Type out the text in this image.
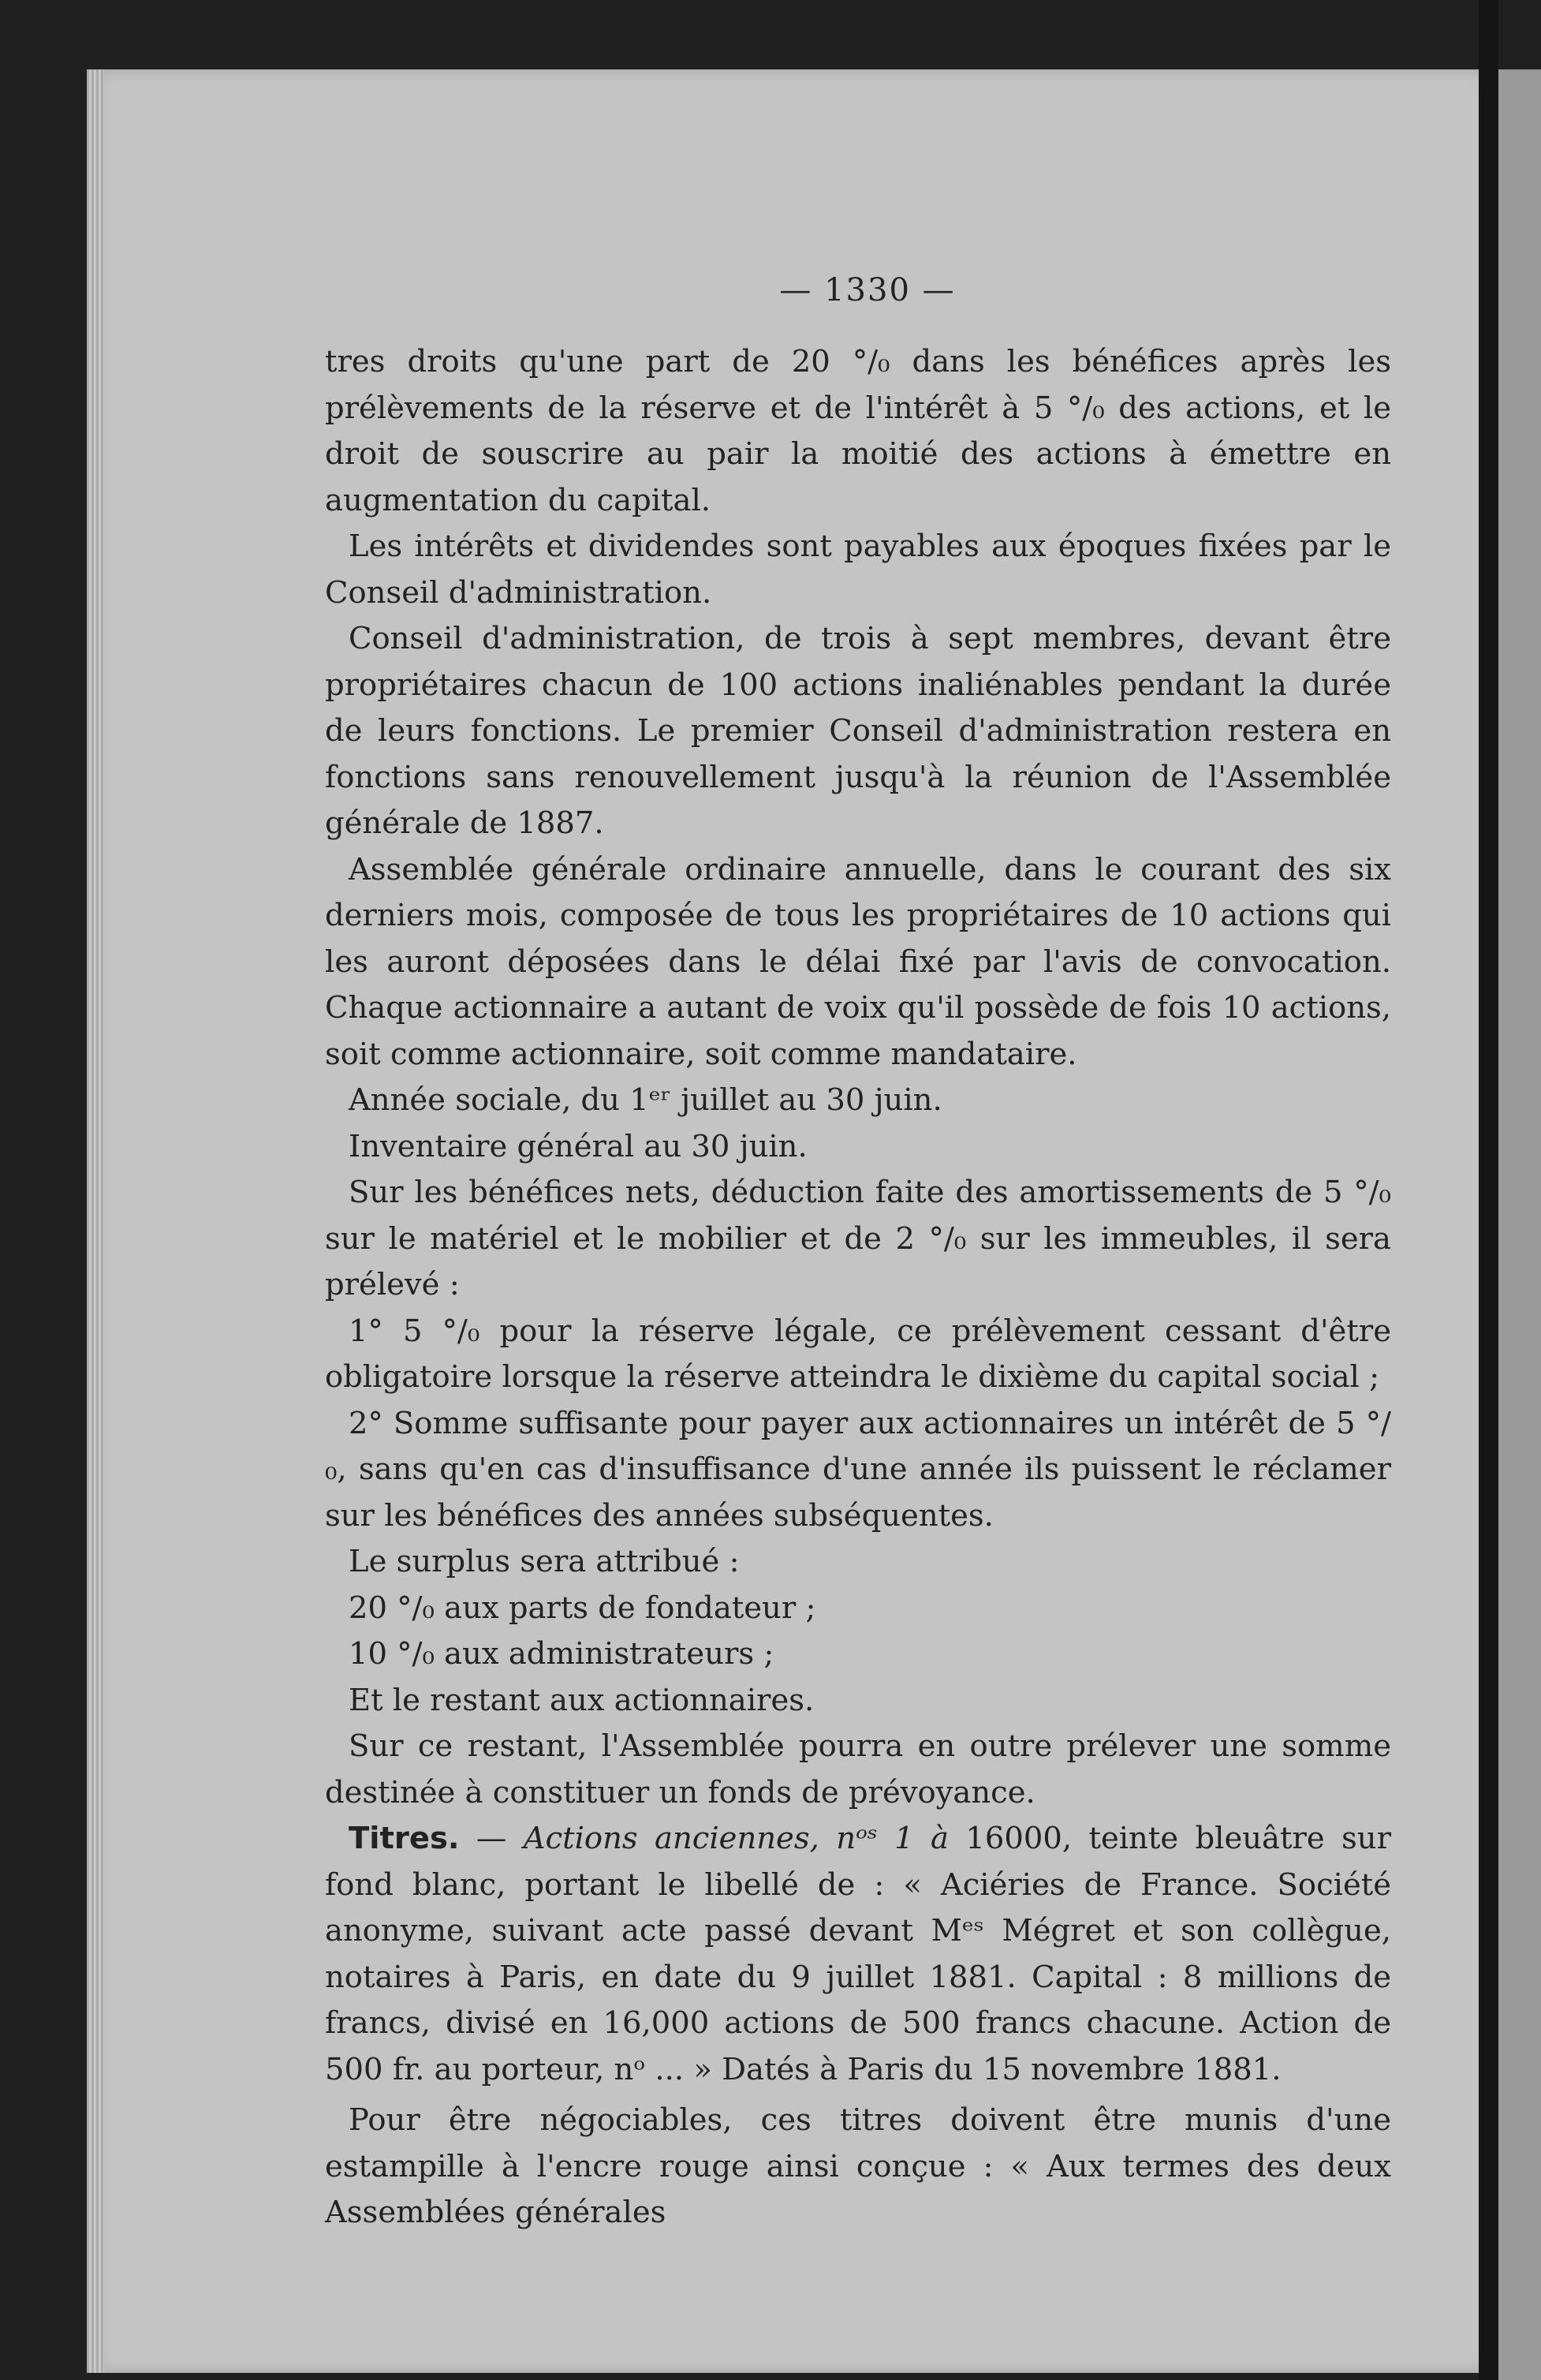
— 1330 —

tres droits qu'une part de 20 °/₀ dans les bénéfices après les prélèvements de la réserve et de l'intérêt à 5 °/₀ des actions, et le droit de souscrire au pair la moitié des actions à émettre en augmentation du capital.

Les intérêts et dividendes sont payables aux époques fixées par le Conseil d'administration.

Conseil d'administration, de trois à sept membres, devant être propriétaires chacun de 100 actions inaliénables pendant la durée de leurs fonctions. Le premier Conseil d'administration restera en fonctions sans renouvellement jusqu'à la réunion de l'Assemblée générale de 1887.

Assemblée générale ordinaire annuelle, dans le courant des six derniers mois, composée de tous les propriétaires de 10 actions qui les auront déposées dans le délai fixé par l'avis de convocation. Chaque actionnaire a autant de voix qu'il possède de fois 10 actions, soit comme actionnaire, soit comme mandataire.

Année sociale, du 1ᵉʳ juillet au 30 juin.

Inventaire général au 30 juin.

Sur les bénéfices nets, déduction faite des amortissements de 5 °/₀ sur le matériel et le mobilier et de 2 °/₀ sur les immeubles, il sera prélevé :

1° 5 °/₀ pour la réserve légale, ce prélèvement cessant d'être obligatoire lorsque la réserve atteindra le dixième du capital social ;

2° Somme suffisante pour payer aux actionnaires un intérêt de 5 °/₀, sans qu'en cas d'insuffisance d'une année ils puissent le réclamer sur les bénéfices des années subséquentes.

Le surplus sera attribué :

20 °/₀ aux parts de fondateur ;

10 °/₀ aux administrateurs ;

Et le restant aux actionnaires.

Sur ce restant, l'Assemblée pourra en outre prélever une somme destinée à constituer un fonds de prévoyance.

Titres. — Actions anciennes, nᵒˢ 1 à 16000, teinte bleuâtre sur fond blanc, portant le libellé de : « Aciéries de France. Société anonyme, suivant acte passé devant Mᵉˢ Mégret et son collègue, notaires à Paris, en date du 9 juillet 1881. Capital : 8 millions de francs, divisé en 16,000 actions de 500 francs chacune. Action de 500 fr. au porteur, nᵒ ... » Datés à Paris du 15 novembre 1881.

Pour être négociables, ces titres doivent être munis d'une estampille à l'encre rouge ainsi conçue : « Aux termes des deux Assemblées générales
